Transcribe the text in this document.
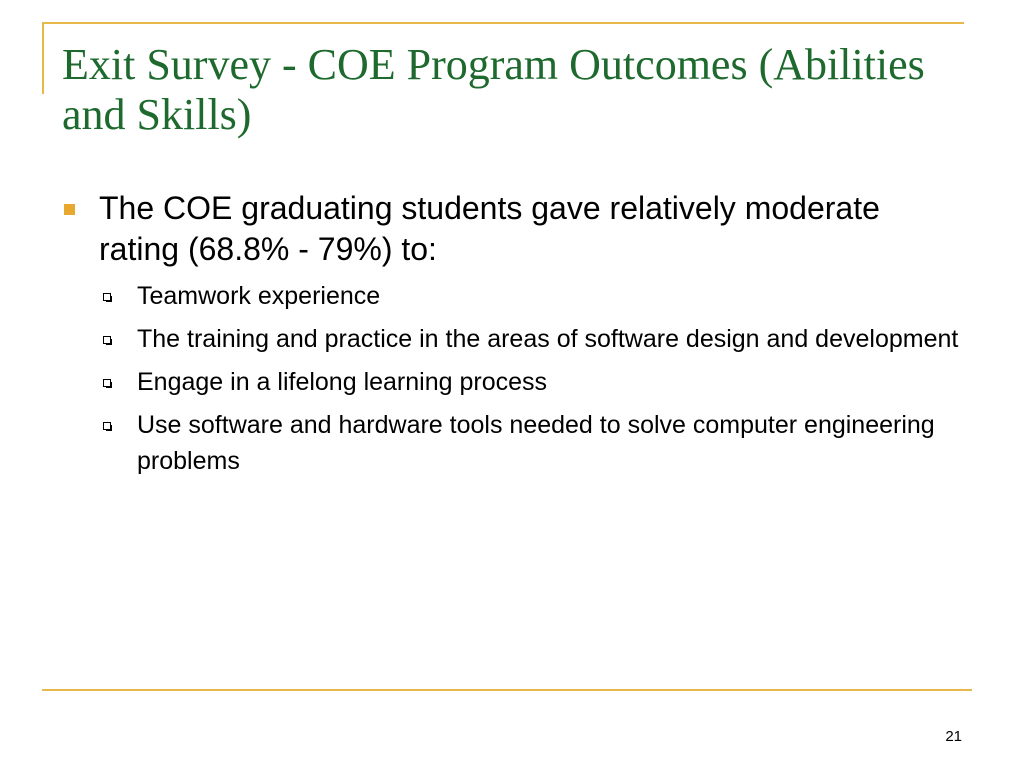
Exit Survey - COE Program Outcomes (Abilities and Skills)
The COE graduating students gave relatively moderate rating (68.8% - 79%) to:
Teamwork experience
The training and practice in the areas of software design and development
Engage in a lifelong learning process
Use software and hardware tools needed to solve computer engineering problems
21
